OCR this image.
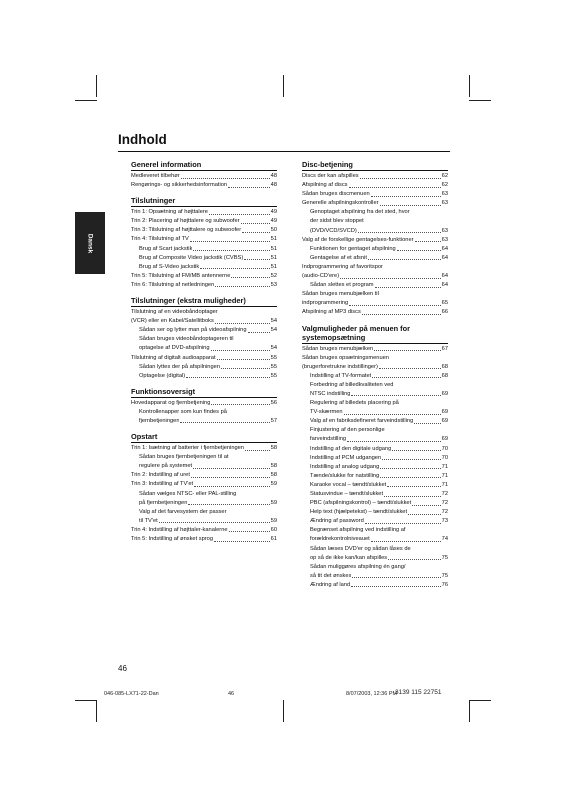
Indhold
Dansk
Generel information
Medleveret tilbehør	48
Rengørings- og sikkerhedsinformation	48
Tilslutninger
Trin 1: Opsætning af højttalere	49
Trin 2: Placering af højttalere og subwoofer	49
Trin 3: Tilslutning af højttalere og subwoofer	50
Trin 4: Tilslutning af TV	51
Brug af Scart jackstik	51
Brug af Composite Video jackstik (CVBS)	51
Brug af S-Video jackstik	51
Trin 5: Tilslutning af FM/MB antennerne	52
Trin 6: Tilslutning af netledningen	53
Tilslutninger (ekstra muligheder)
Tilslutning af en videobåndoptager
(VCR) eller en Kabel/Satellitboks	54
Sådan ser og lytter man på videoafspilning	54
Sådan bruges videobåndoptageren til
optagelse af DVD-afspilning	54
Tilslutning af digitalt audioapparat	55
Sådan lyttes der på afspilningen	55
Optagelse (digital)	55
Funktionsoversigt
Hovedapparat og fjernbetjening	56
Kontrollenapper som kun findes på
fjernbetjeningen	57
Opstart
Trin 1: Isætning af batterier i fjernbetjeningen	58
Sådan bruges fjernbetjeningen til at
regulere på systemet	58
Trin 2: Indstilling af uret	58
Trin 3: Indstilling af TV'et	59
Sådan vælges NTSC- eller PAL-stilling
på fjernbetjeningen	59
Valg af det farvesystem der passer
til TV'et	59
Trin 4: Indstilling af højttaler-kanalerne	60
Trin 5: Indstilling af ønsket sprog	61
Disc-betjening
Discs der kan afspilles	62
Afspilning af discs	62
Sådan bruges discmenuen	63
Generelle afspilningskontroller	63
Genoptaget afspilning fra det sted, hvor
der sidst blev stoppet
(DVD/VCD/SVCD)	63
Valg af de forskellige gentagelses-funktioner	63
Funktionen for gentaget afspilning	64
Gentagelse af et afsnit	64
Indprogrammering af favoritspor
(audio-CD'ere)	64
Sådan slettes et program	64
Sådan bruges menubjælken til
indprogrammering	65
Afspilning af MP3 discs	66
Valgmuligheder på menuen for systemopsætning
Sådan bruges menubjælken	67
Sådan bruges opsætningsmenuen
(brugerforetrukne indstillinger)	68
Indstilling af TV-formatet	68
Forbedring af billedkvaliteten ved
NTSC indstilling	69
Regulering af billedets placering på
TV-skærmen	69
Valg af en fabriksdefineret farveindstilling	69
Finjustering af den personlige
farveindstilling	69
Indstilling af den digitale udgang	70
Indstilling af PCM udgangen	70
Indstilling af analog udgang	71
Tænde/slukke for natstilling	71
Karaoke vocal – tændt/slukket	71
Statusvindue – tændt/slukket	72
PBC (afspilningskontrol) – tændt/slukket	72
Help text (hjælpetekst) – tændt/slukket	72
Ændring af password	73
Begrænset afspilning ved indstilling af
forældrekontrolniveauet	74
Sådan læses DVD'er og sådan låses de
op så de ikke kan/kan afspilles	75
Sådan muliggøres afspilning én gang/
så tit det ønskes	75
Ændring af land	76
46
046-085-LX71-22-Dan	46	8/07/2003, 12:36 PM
3139 115 22751
